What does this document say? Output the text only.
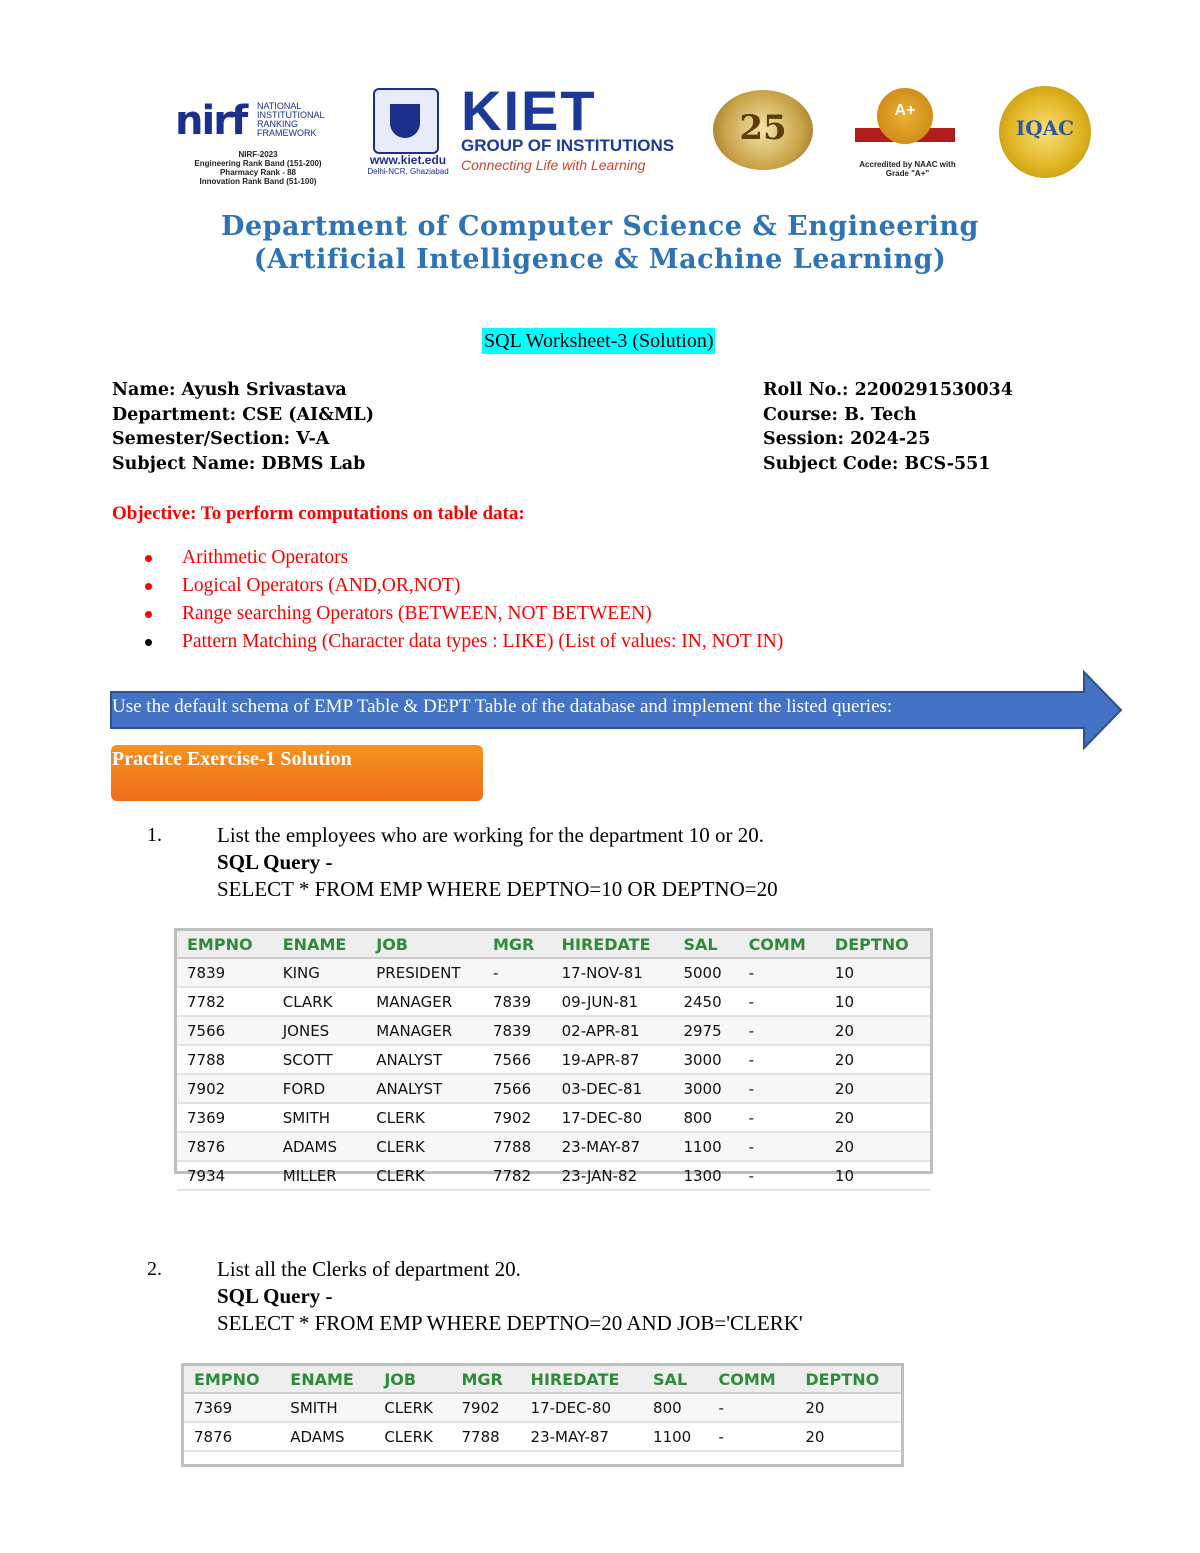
nirf NATIONAL INSTITUTIONAL RANKING FRAMEWORK
NIRF-2023
Engineering Rank Band (151-200)
Pharmacy Rank - 88
Innovation Rank Band (51-100)
www.kiet.edu
Delhi-NCR, Ghaziabad
KIET
GROUP OF INSTITUTIONS
Connecting Life with Learning
25	A+
Accredited by NAAC with Grade "A+"
IQAC
Department of Computer Science & Engineering
(Artificial Intelligence & Machine Learning)
SQL Worksheet-3 (Solution)
Name: Ayush Srivastava
Department: CSE (AI&ML)
Semester/Section: V-A
Subject Name: DBMS Lab
Roll No.: 2200291530034
Course: B. Tech
Session: 2024-25
Subject Code: BCS-551
Objective: To perform computations on table data:
Arithmetic Operators
Logical Operators (AND,OR,NOT)
Range searching Operators (BETWEEN, NOT BETWEEN)
Pattern Matching (Character data types : LIKE) (List of values: IN, NOT IN)
Use the default schema of EMP Table & DEPT Table of the database and implement the listed queries:
Practice Exercise-1 Solution
1.	List the employees who are working for the department 10 or 20.
SQL Query -
SELECT * FROM EMP WHERE DEPTNO=10 OR DEPTNO=20
EMPNO	ENAME	JOB	MGR	HIREDATE	SAL	COMM	DEPTNO
7839	KING	PRESIDENT	-	17-NOV-81	5000	-	10
7782	CLARK	MANAGER	7839	09-JUN-81	2450	-	10
7566	JONES	MANAGER	7839	02-APR-81	2975	-	20
7788	SCOTT	ANALYST	7566	19-APR-87	3000	-	20
7902	FORD	ANALYST	7566	03-DEC-81	3000	-	20
7369	SMITH	CLERK	7902	17-DEC-80	800	-	20
7876	ADAMS	CLERK	7788	23-MAY-87	1100	-	20
7934	MILLER	CLERK	7782	23-JAN-82	1300	-	10
2.	List all the Clerks of department 20.
SQL Query -
SELECT * FROM EMP WHERE DEPTNO=20 AND JOB='CLERK'
EMPNO	ENAME	JOB	MGR	HIREDATE	SAL	COMM	DEPTNO
7369	SMITH	CLERK	7902	17-DEC-80	800	-	20
7876	ADAMS	CLERK	7788	23-MAY-87	1100	-	20
